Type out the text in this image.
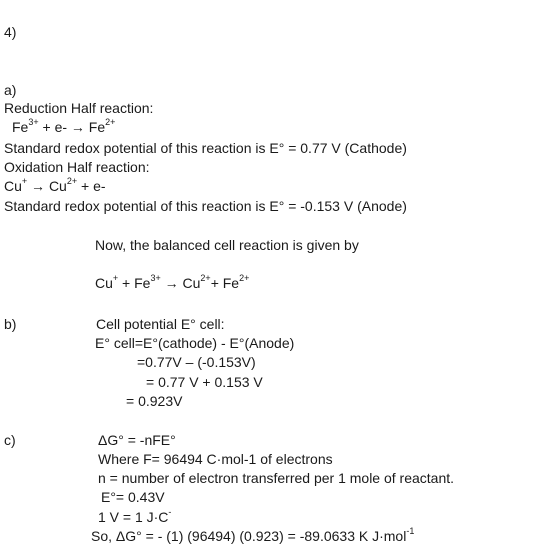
4)
a)
Reduction Half reaction:
$Fe^{3+} + e- \to Fe^{2+}$
Standard redox potential of this reaction is E° = 0.77 V (Cathode)
Oxidation Half reaction:
$Cu^+ \to Cu^{2+} + e-$
Standard redox potential of this reaction is E° = -0.153 V (Anode)
Now, the balanced cell reaction is given by
$Cu^+ + Fe^{3+} \to Cu^{2+}+ Fe^{2+}$
b)	Cell potential E° cell:
E° cell=E°(cathode) - E°(Anode)
=0.77V – (-0.153V)
= 0.77 V + 0.153 V
= 0.923V
c)	ΔG° = -nFE°
Where F= 96494 C·mol-1 of electrons
n = number of electron transferred per 1 mole of reactant.
E°= 0.43V
1 V = 1 J·C-
So, ΔG° = - (1) (96494) (0.923) = -89.0633 K J·mol$^{-1}$
